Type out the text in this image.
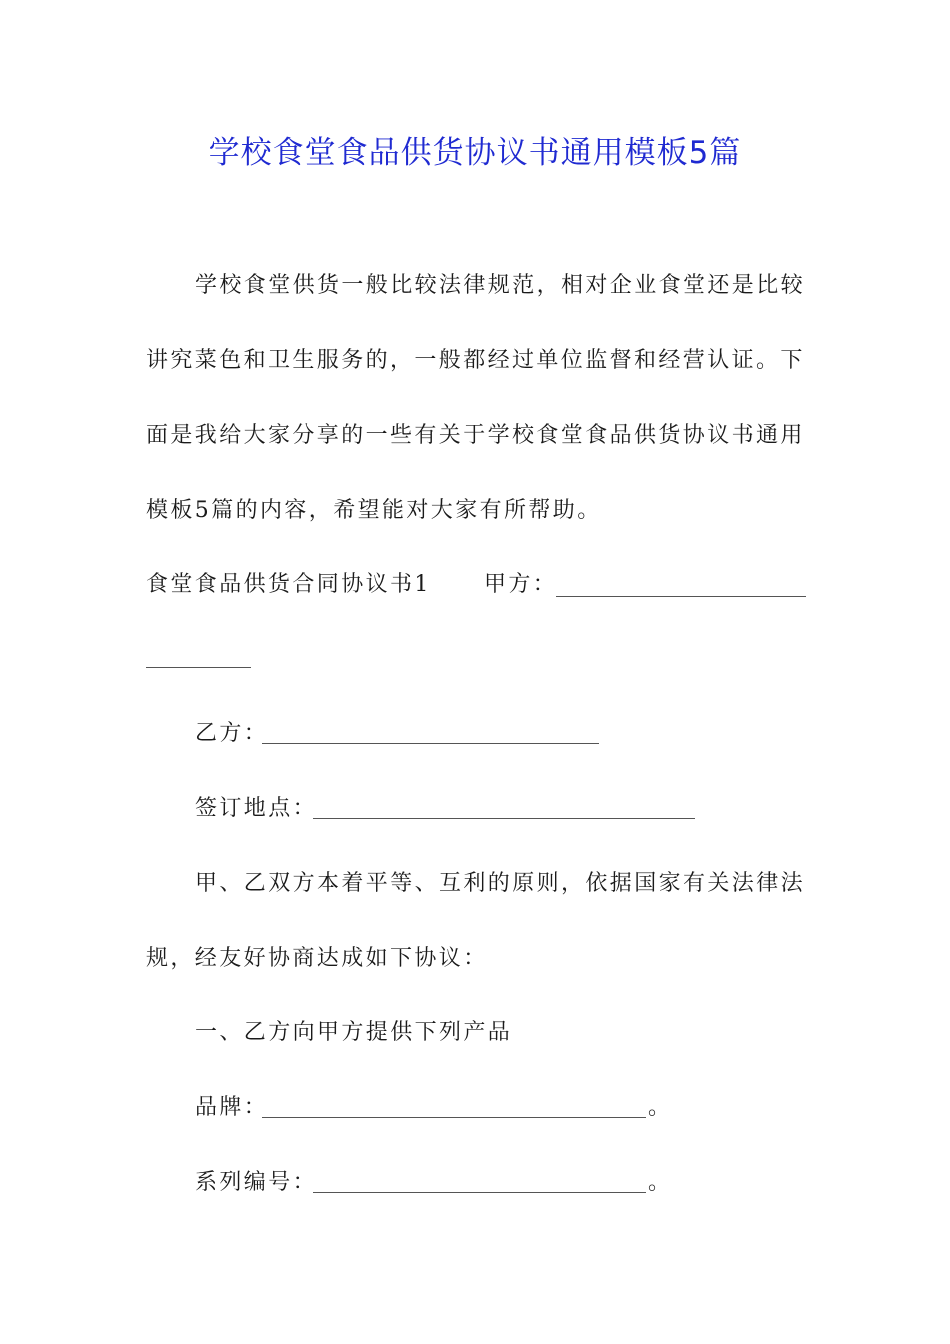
学校食堂食品供货协议书通用模板5篇
学校食堂供货一般比较法律规范，相对企业食堂还是比较
讲究菜色和卫生服务的，一般都经过单位监督和经营认证。下
面是我给大家分享的一些有关于学校食堂食品供货协议书通用
模板5篇的内容，希望能对大家有所帮助。
食堂食品供货合同协议书1 甲方：
乙方：
签订地点：
甲、乙双方本着平等、互利的原则，依据国家有关法律法
规，经友好协商达成如下协议：
一、乙方向甲方提供下列产品
品牌：	。
系列编号：	。
